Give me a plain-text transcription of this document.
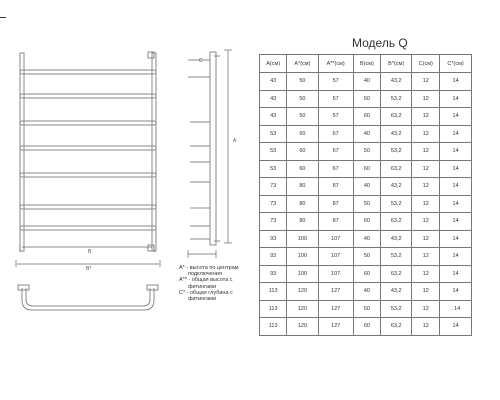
B
B*
A
C
Модель Q
A(см)	A*(см)	A**(см)	B(см)	B*(см)	C(см)	C*(см)
43	50	57	40	43,2	12	14
43	50	57	50	53,2	12	14
43	50	57	60	63,2	12	14
53	60	67	40	43,2	12	14
53	60	67	50	53,2	12	14
53	60	67	60	63,2	12	14
73	80	87	40	43,2	12	14
73	80	87	50	53,2	12	14
73	80	87	60	63,2	12	14
93	100	107	40	43,2	12	14
93	100	107	50	53,2	12	14
93	100	107	60	63,2	12	14
113	120	127	40	43,2	12	14
113	120	127	50	53,2	12	. 14
113	120	127	60	63,2	12	14
A* - высота по центрам
подключения
A** - общая высота с
фитингами
C* - общая глубина с
фитингами
